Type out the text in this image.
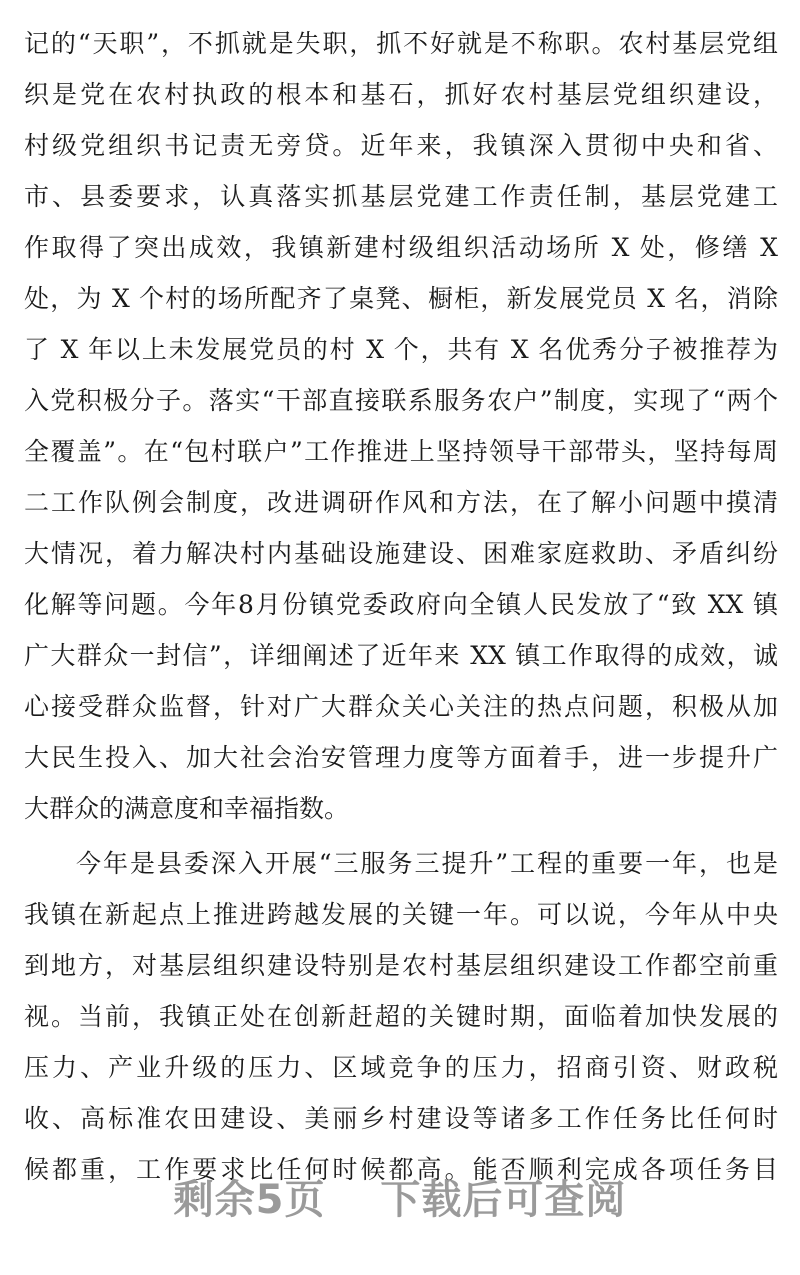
记的“天职”，不抓就是失职，抓不好就是不称职。农村基层党组
织是党在农村执政的根本和基石，抓好农村基层党组织建设，
村级党组织书记责无旁贷。近年来，我镇深入贯彻中央和省、
市、县委要求，认真落实抓基层党建工作责任制，基层党建工
作取得了突出成效，我镇新建村级组织活动场所 X 处，修缮 X
处，为 X 个村的场所配齐了桌凳、橱柜，新发展党员 X 名，消除
了 X 年以上未发展党员的村 X 个，共有 X 名优秀分子被推荐为
入党积极分子。落实“干部直接联系服务农户”制度，实现了“两个
全覆盖”。在“包村联户”工作推进上坚持领导干部带头，坚持每周
二工作队例会制度，改进调研作风和方法，在了解小问题中摸清
大情况，着力解决村内基础设施建设、困难家庭救助、矛盾纠纷
化解等问题。今年8月份镇党委政府向全镇人民发放了“致 XX 镇
广大群众一封信”，详细阐述了近年来 XX 镇工作取得的成效，诚
心接受群众监督，针对广大群众关心关注的热点问题，积极从加
大民生投入、加大社会治安管理力度等方面着手，进一步提升广
大群众的满意度和幸福指数。
今年是县委深入开展“三服务三提升”工程的重要一年，也是
我镇在新起点上推进跨越发展的关键一年。可以说，今年从中央
到地方，对基层组织建设特别是农村基层组织建设工作都空前重
视。当前，我镇正处在创新赶超的关键时期，面临着加快发展的
压力、产业升级的压力、区域竞争的压力，招商引资、财政税
收、高标准农田建设、美丽乡村建设等诸多工作任务比任何时
候都重，工作要求比任何时候都高。能否顺利完成各项任务目
剩余5页 下载后可查阅
